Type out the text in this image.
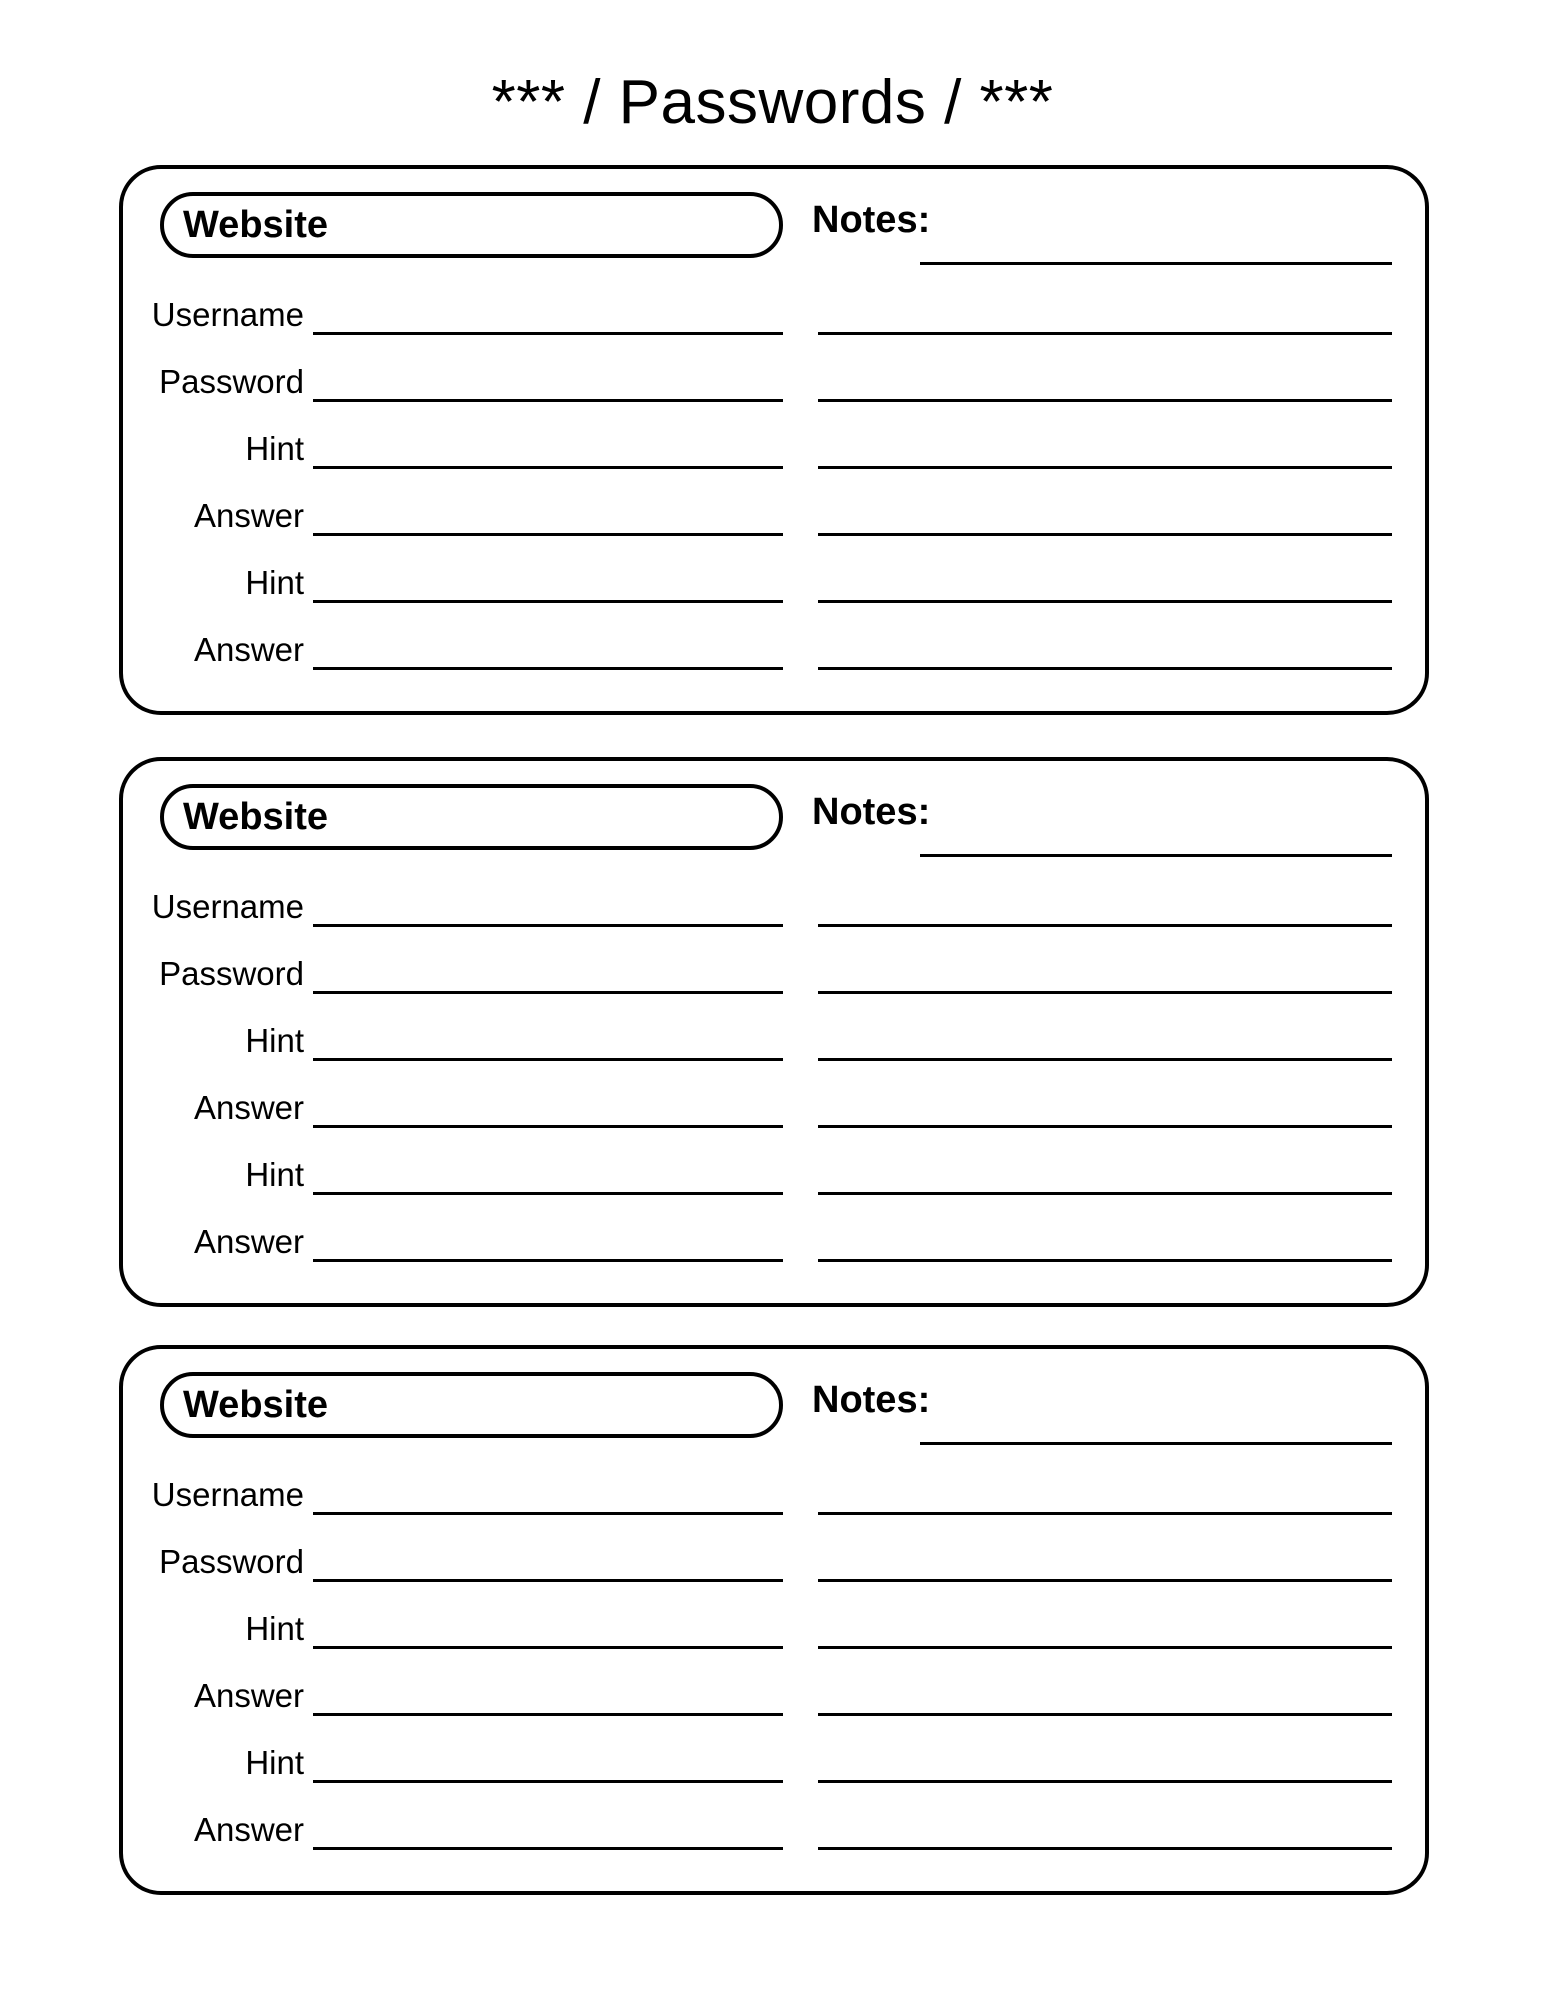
*** / Passwords / ***
Website	Notes:
Username
Password
Hint
Answer
Hint
Answer
Website	Notes:
Username
Password
Hint
Answer
Hint
Answer
Website	Notes:
Username
Password
Hint
Answer
Hint
Answer
